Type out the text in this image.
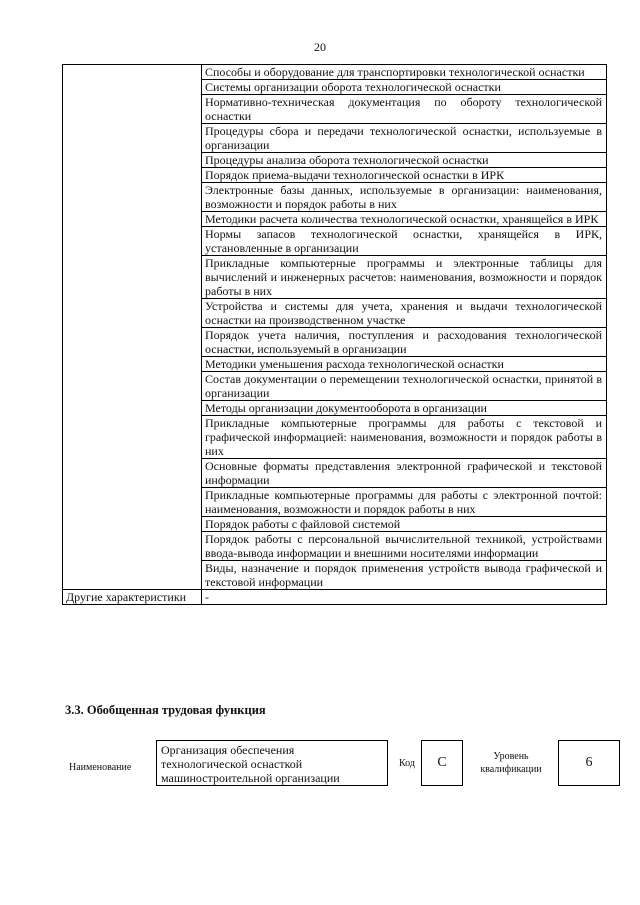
20
	Способы и оборудование для транспортировки технологической оснастки
	Системы организации оборота технологической оснастки
	Нормативно-техническая документация по обороту технологической оснастки
	Процедуры сбора и передачи технологической оснастки, используемые в организации
	Процедуры анализа оборота технологической оснастки
	Порядок приема-выдачи технологической оснастки в ИРК
	Электронные базы данных, используемые в организации: наименования, возможности и порядок работы в них
	Методики расчета количества технологической оснастки, хранящейся в ИРК
	Нормы запасов технологической оснастки, хранящейся в ИРК, установленные в организации
	Прикладные компьютерные программы и электронные таблицы для вычислений и инженерных расчетов: наименования, возможности и порядок работы в них
	Устройства и системы для учета, хранения и выдачи технологической оснастки на производственном участке
	Порядок учета наличия, поступления и расходования технологической оснастки, используемый в организации
	Методики уменьшения расхода технологической оснастки
	Состав документации о перемещении технологической оснастки, принятой в организации
	Методы организации документооборота в организации
	Прикладные компьютерные программы для работы с текстовой и графической информацией: наименования, возможности и порядок работы в них
	Основные форматы представления электронной графической и текстовой информации
	Прикладные компьютерные программы для работы с электронной почтой: наименования, возможности и порядок работы в них
	Порядок работы с файловой системой
	Порядок работы с персональной вычислительной техникой, устройствами ввода-вывода информации и внешними носителями информации
	Виды, назначение и порядок применения устройств вывода графической и текстовой информации
Другие характеристики	-
3.3. Обобщенная трудовая функция
Наименование
Организация обеспечения технологической оснасткой машиностроительной организации
Код	C	Уровень квалификации	6
